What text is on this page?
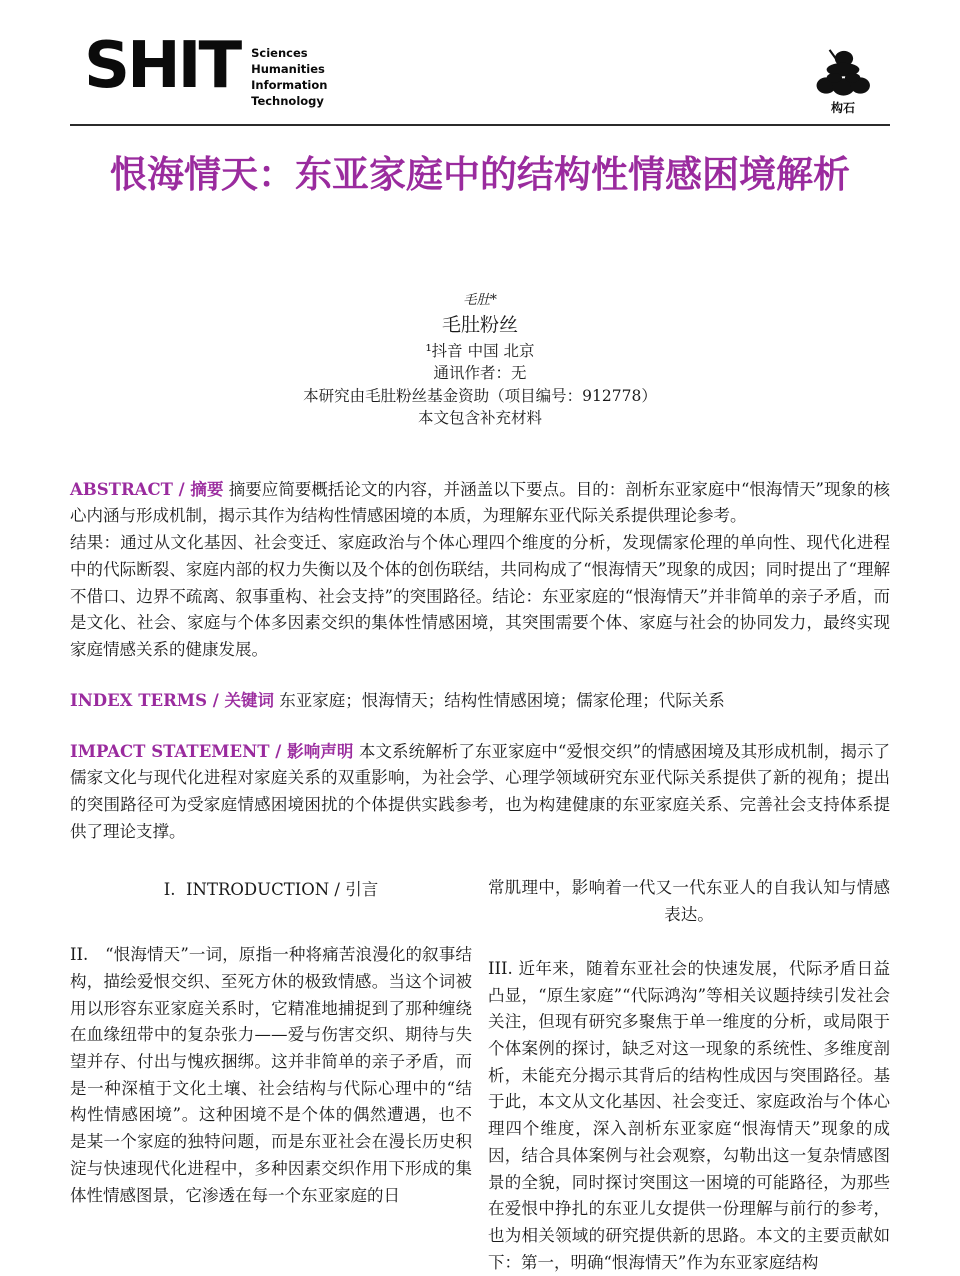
SHIT Sciences
Humanities
Information
Technology	构石
恨海情天：东亚家庭中的结构性情感困境解析
毛肚*
毛肚粉丝
¹抖音 中国 北京
通讯作者：无
本研究由毛肚粉丝基金资助（项目编号：912778）
本文包含补充材料

ABSTRACT / 摘要 摘要应简要概括论文的内容，并涵盖以下要点。目的：剖析东亚家庭中“恨海情天”现象的核心内涵与形成机制，揭示其作为结构性情感困境的本质，为理解东亚代际关系提供理论参考。

结果：通过从文化基因、社会变迁、家庭政治与个体心理四个维度的分析，发现儒家伦理的单向性、现代化进程中的代际断裂、家庭内部的权力失衡以及个体的创伤联结，共同构成了“恨海情天”现象的成因；同时提出了“理解不借口、边界不疏离、叙事重构、社会支持”的突围路径。结论：东亚家庭的“恨海情天”并非简单的亲子矛盾，而是文化、社会、家庭与个体多因素交织的集体性情感困境，其突围需要个体、家庭与社会的协同发力，最终实现家庭情感关系的健康发展。

INDEX TERMS / 关键词 东亚家庭；恨海情天；结构性情感困境；儒家伦理；代际关系

IMPACT STATEMENT / 影响声明 本文系统解析了东亚家庭中“爱恨交织”的情感困境及其形成机制，揭示了儒家文化与现代化进程对家庭关系的双重影响，为社会学、心理学领域研究东亚代际关系提供了新的视角；提出的突围路径可为受家庭情感困境困扰的个体提供实践参考，也为构建健康的东亚家庭关系、完善社会支持体系提供了理论支撑。

I.  INTRODUCTION / 引言

II.　“恨海情天”一词，原指一种将痛苦浪漫化的叙事结构，描绘爱恨交织、至死方休的极致情感。当这个词被用以形容东亚家庭关系时，它精准地捕捉到了那种缠绕在血缘纽带中的复杂张力——爱与伤害交织、期待与失望并存、付出与愧疚捆绑。这并非简单的亲子矛盾，而是一种深植于文化土壤、社会结构与代际心理中的“结构性情感困境”。这种困境不是个体的偶然遭遇，也不是某一个家庭的独特问题，而是东亚社会在漫长历史积淀与快速现代化进程中，多种因素交织作用下形成的集体性情感图景，它渗透在每一个东亚家庭的日

常肌理中，影响着一代又一代东亚人的自我认知与情感表达。

III. 近年来，随着东亚社会的快速发展，代际矛盾日益凸显，“原生家庭”“代际鸿沟”等相关议题持续引发社会关注，但现有研究多聚焦于单一维度的分析，或局限于个体案例的探讨，缺乏对这一现象的系统性、多维度剖析，未能充分揭示其背后的结构性成因与突围路径。基于此，本文从文化基因、社会变迁、家庭政治与个体心理四个维度，深入剖析东亚家庭“恨海情天”现象的成因，结合具体案例与社会观察，勾勒出这一复杂情感图景的全貌，同时探讨突围这一困境的可能路径，为那些在爱恨中挣扎的东亚儿女提供一份理解与前行的参考，也为相关领域的研究提供新的思路。本文的主要贡献如下：第一，明确“恨海情天”作为东亚家庭结构
